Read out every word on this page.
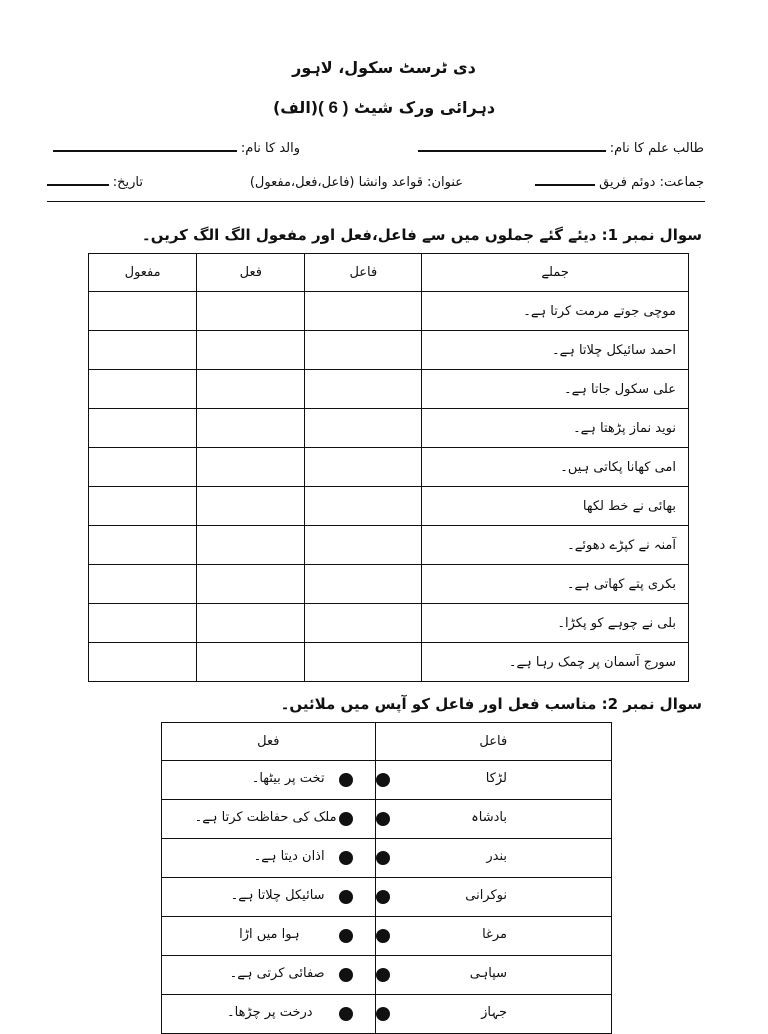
دی ٹرسٹ سکول، لاہور
دہرائی ورک شیٹ ( 6 )(الف)
طالب علم کا نام:
والد کا نام:
جماعت: دوئم فریق
عنوان: قواعد وانشا (فاعل،فعل،مفعول)
تاریخ:
سوال نمبر 1: دیئے گئے جملوں میں سے فاعل،فعل اور مفعول الگ الگ کریں۔
جملے	فاعل	فعل	مفعول
موچی جوتے مرمت کرتا ہے۔			
احمد سائیکل چلاتا ہے۔			
علی سکول جاتا ہے۔			
نوید نماز پڑھتا ہے۔			
امی کھانا پکاتی ہیں۔			
بھائی نے خط لکھا			
آمنہ نے کپڑے دھوئے۔			
بکری پتے کھاتی ہے۔			
بلی نے چوہے کو پکڑا۔			
سورج آسمان پر چمک رہا ہے۔			
سوال نمبر 2: مناسب فعل اور فاعل کو آپس میں ملائیں۔
فاعل	فعل

لڑکا	تخت پر بیٹھا۔

بادشاہ	ملک کی حفاظت کرتا ہے۔

بندر	اذان دیتا ہے۔

نوکرانی	سائیکل چلاتا ہے۔

مرغا	ہوا میں اڑا

سپاہی	صفائی کرتی ہے۔

جہاز	درخت پر چڑھا۔
